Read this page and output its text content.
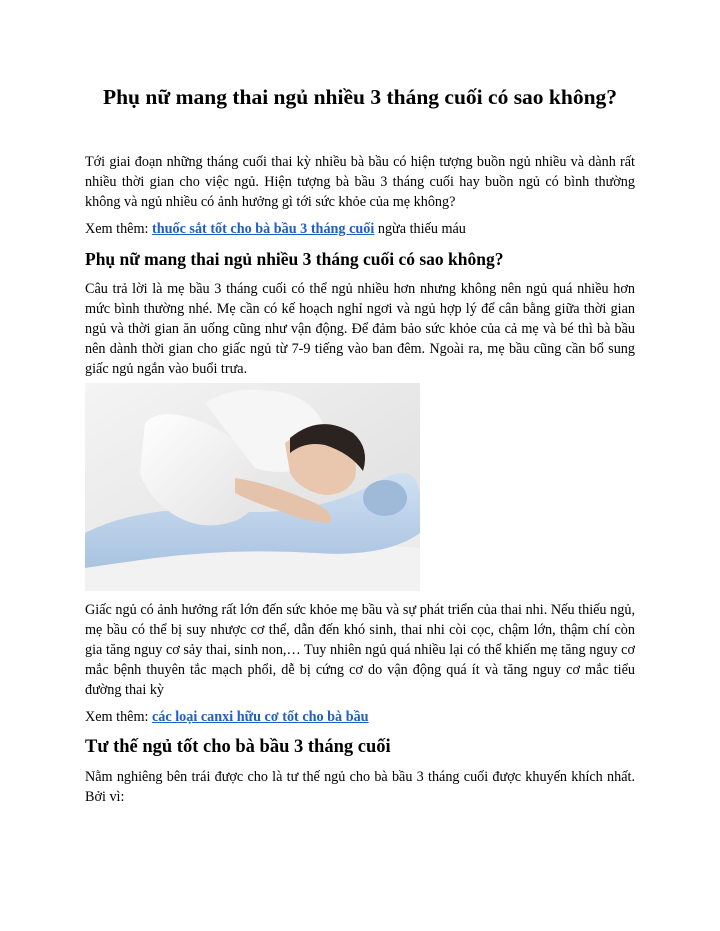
Phụ nữ mang thai ngủ nhiều 3 tháng cuối có sao không?

Tới giai đoạn những tháng cuối thai kỳ nhiều bà bầu có hiện tượng buồn ngủ nhiều và dành rất nhiều thời gian cho việc ngủ. Hiện tượng bà bầu 3 tháng cuối hay buồn ngủ có bình thường không và ngủ nhiều có ảnh hưởng gì tới sức khỏe của mẹ không?

Xem thêm: thuốc sắt tốt cho bà bầu 3 tháng cuối ngừa thiếu máu

Phụ nữ mang thai ngủ nhiều 3 tháng cuối có sao không?

Câu trả lời là mẹ bầu 3 tháng cuối có thể ngủ nhiều hơn nhưng không nên ngủ quá nhiều hơn mức bình thường nhé. Mẹ cần có kế hoạch nghỉ ngơi và ngủ hợp lý để cân bằng giữa thời gian ngủ và thời gian ăn uống cũng như vận động. Để đảm bảo sức khỏe của cả mẹ và bé thì bà bầu nên dành thời gian cho giấc ngủ từ 7-9 tiếng vào ban đêm. Ngoài ra, mẹ bầu cũng cần bổ sung giấc ngủ ngắn vào buổi trưa.

Giấc ngủ có ảnh hưởng rất lớn đến sức khỏe mẹ bầu và sự phát triển của thai nhi. Nếu thiếu ngủ, mẹ bầu có thể bị suy nhược cơ thể, dẫn đến khó sinh, thai nhi còi cọc, chậm lớn, thậm chí còn gia tăng nguy cơ sảy thai, sinh non,… Tuy nhiên ngủ quá nhiều lại có thể khiến mẹ tăng nguy cơ mắc bệnh thuyên tắc mạch phổi, dễ bị cứng cơ do vận động quá ít và tăng nguy cơ mắc tiểu đường thai kỳ

Xem thêm: các loại canxi hữu cơ tốt cho bà bầu

Tư thế ngủ tốt cho bà bầu 3 tháng cuối

Nằm nghiêng bên trái được cho là tư thế ngủ cho bà bầu 3 tháng cuối được khuyến khích nhất. Bởi vì:
